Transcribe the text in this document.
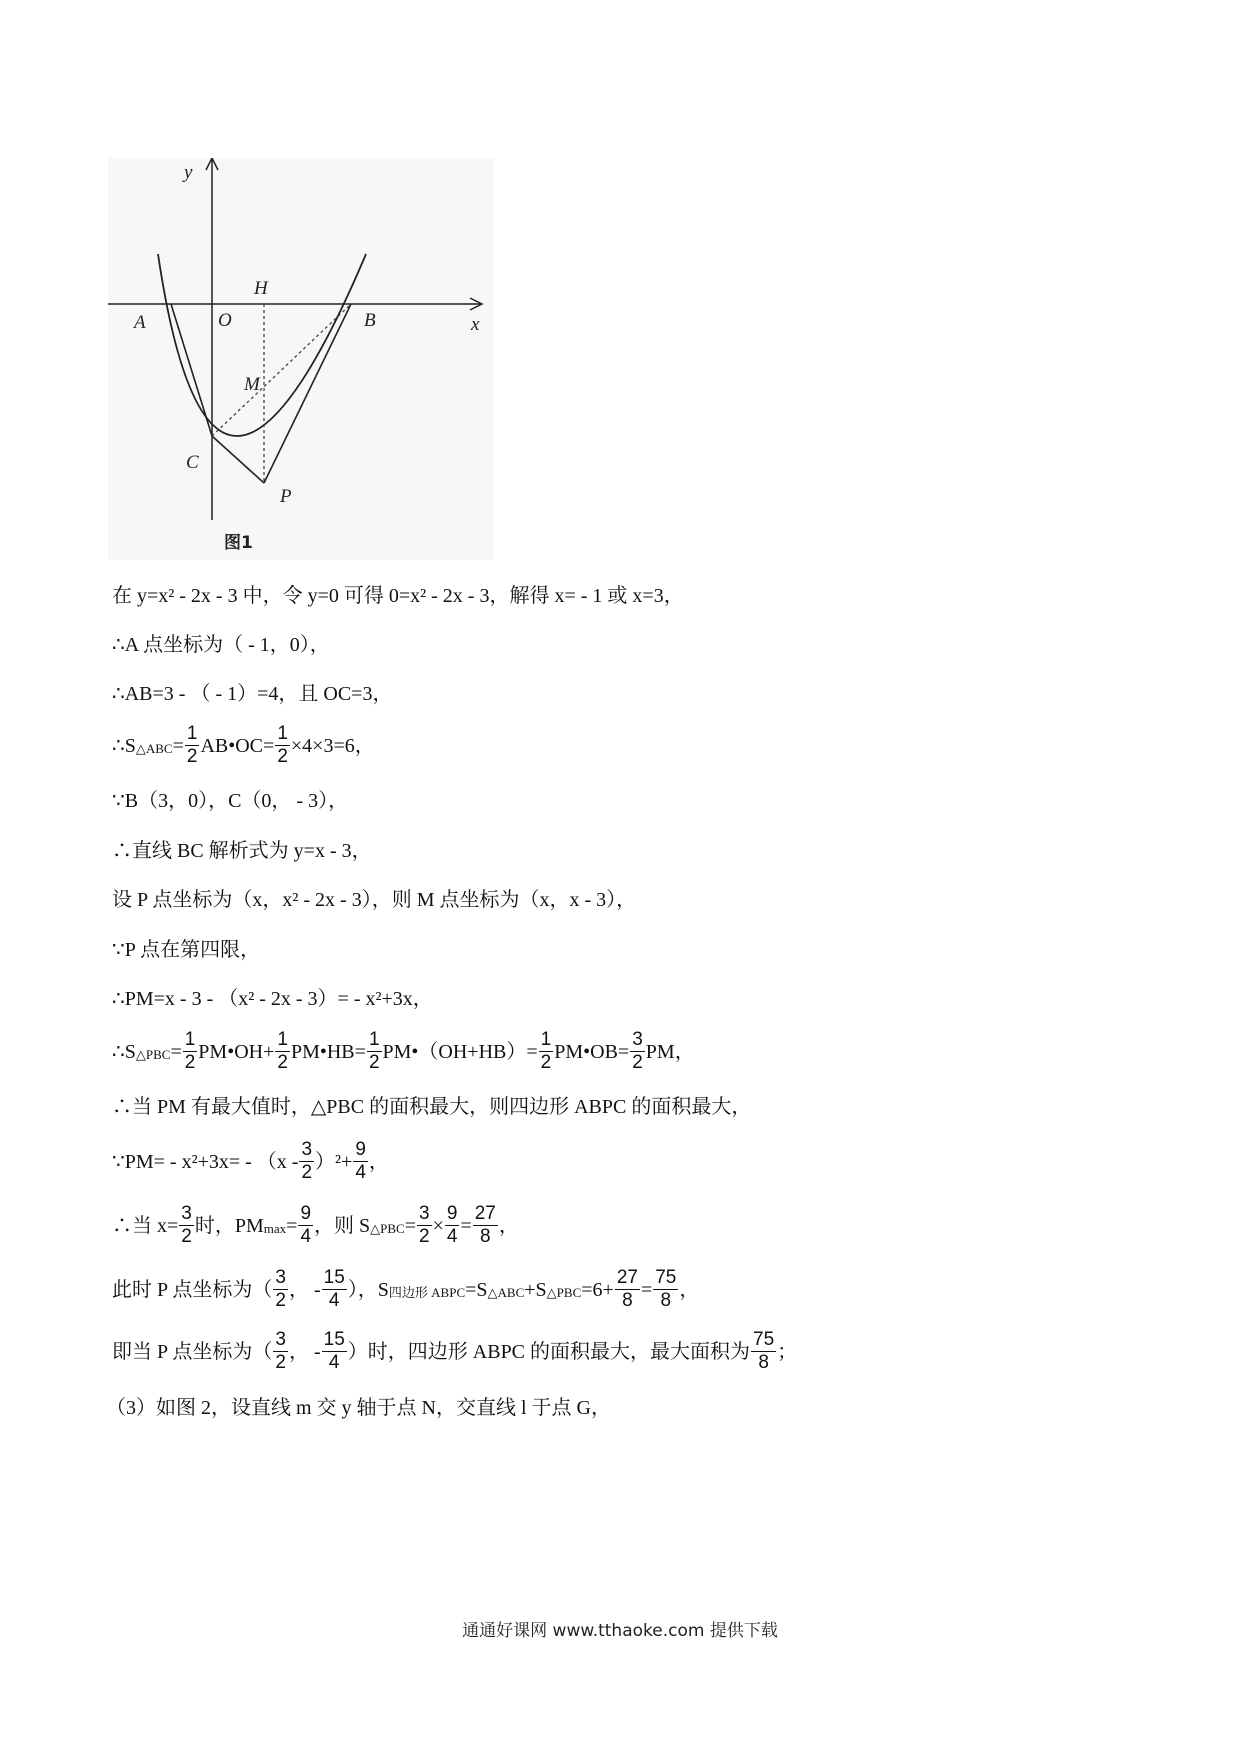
y
x
H
A	O	B
M
C
P
图1
在 y=x² - 2x - 3 中，令 y=0 可得 0=x² - 2x - 3，解得 x= - 1 或 x=3，
∴A 点坐标为（ - 1，0），
∴AB=3 - （ - 1）=4，且 OC=3，
$\therefore S_{\triangle ABC} = \frac{1}{2}$ AB•OC= $\frac{1}{2} \times 4\times 3=6$，
∵B（3，0），C（0， - 3），
∴直线 BC 解析式为 y=x - 3，
设 P 点坐标为（x，x² - 2x - 3），则 M 点坐标为（x，x - 3），
∵P 点在第四限，
∴PM=x - 3 - （x² - 2x - 3）= - x²+3x，
$\therefore S_{\triangle PBC} = \frac{1}{2}$ PM•OH+ $\frac{1}{2}$ PM•HB= $\frac{1}{2}$ PM•（OH+HB）= $\frac{1}{2}$ PM•OB= $\frac{3}{2}$ PM，
∴当 PM 有最大值时，△PBC 的面积最大，则四边形 ABPC 的面积最大，
∵PM= - $x^2+3x= - (x - \frac{3}{2} )^2+ \frac{9}{4}$ ，
∴当 $x= \frac{3}{2}$ 时，$PM_{max} = \frac{9}{4}$ ，则 $S_{\triangle PBC} = \frac{3}{2} \times \frac{9}{4} = \frac{27}{8}$ ，
此时 P 点坐标为（ $\frac{3}{2}$ ， - $\frac{15}{4}$ ），$S_{四边形 ABPC} =S_{\triangle ABC} +S_{\triangle PBC} =6+ \frac{27}{8} = \frac{75}{8}$ ，
即当 P 点坐标为（ $\frac{3}{2}$ ， - $\frac{15}{4}$ ）时，四边形 ABPC 的面积最大，最大面积为 $\frac{75}{8}$ ；
（3）如图 2，设直线 m 交 y 轴于点 N，交直线 l 于点 G，
通通好课网 www.tthaoke.com 提供下载
